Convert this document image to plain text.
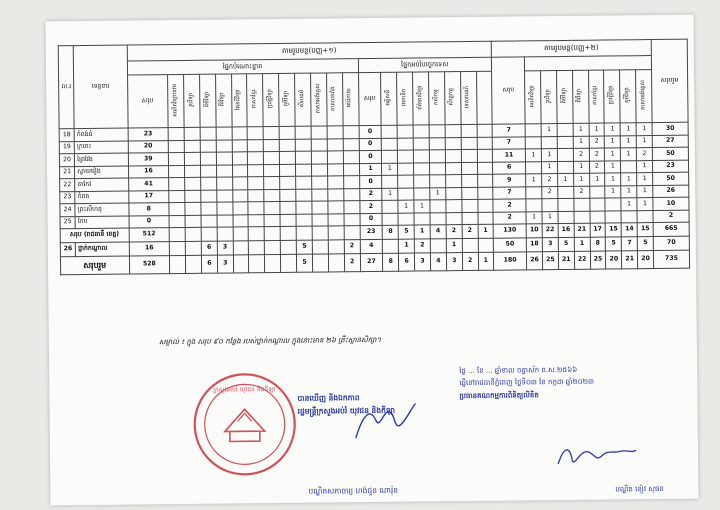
ល.រ	ទេត្តខារ	តាមរូបមន្ត(បញ្ញ+១)																					តាមរូបមន្ត(បញ្ញ+២)									សរុបរួម
		ផ្នែកបំណោះខ្នាត													ផ្នែកអប់រំបច្ចេកទេស								សរុប									
		សរុប	គណិតវិទ្យាបឋម	រូបវិទ្យា	គីមីវិទ្យា	ជីវវិទ្យា	ផែនដីវិទ្យា	ភាសាខ្មែរ	ប្រវត្តិវិទ្យា	ភូមិវិទ្យា	សីលធម៌	ភាសាអង់គ្លេស	ភាសាបារាំង	អប់រំកាយ	សរុប	អគ្គិសនី	មេកានិច	ព័ត៌មានវិទ្យា	កសិកម្ម	សិប្បកម្ម	ទេសចរណ៍			គណិតវិទ្យា	រូបវិទ្យា	គីមីវិទ្យា	ជីវវិទ្យា	ភាសាខ្មែរ	ប្រវត្តិវិទ្យា	ភូមិវិទ្យា	ភាសាអង់គ្លេស	

18	កំពង់ធំ	23													0								7		1		1	1	1	1	1	30
19	ក្រចេះ	20													0								7				1	2	1	1	1	27
20	ព្រៃវែង	39													0								11	1	1		2	2	1	1	2	50
21	ស្វាយរៀង	16													1	1							6		1		1	2	1		1	23
22	តាកែវ	41													0								9	1	2	1	1	1	1	1	1	50
23	កំពត	17													2	1			1				7		2		2		1	1	1	26
24	ព្រះសីហនុ	8													2		1	1					2							1	1	10
25	កែប	0													0								2	1	1							2
សរុប (រាជធានី ខេត្ត)		512													23	8	5	1	4	2	2	1	130	10	22	16	21	17	15	14	15	665
26	ថ្នាក់កណ្តាល	16			6	3					5			2	4		1	2		1			50	18	3	5	1	8	5	7	5	70
សរុបរួម		528			6	3					5			2	27	8	6	3	4	3	2	1	180	26	25	21	22	25	20	21	20	735
សម្គាល់ ៖ ក្នុង សរុប ៩០ កន្លែង របស់ថ្នាក់កណ្តាល ក្នុងនោះមាន ២៦ គ្រឹះស្ថានសិក្សា។
ថ្ងៃ ... ខែ ... ឆ្នាំខាល ចត្វាស័ក ព.ស.២៥៦៦
ធ្វើនៅរាជធានីភ្នំពេញ ថ្ងៃទី០៣ ខែ កក្កដា ឆ្នាំ២០២៣
ប្រធានគណកម្មការពិនិត្យលិខិត
បណ្ឌិត ខៀវ សុផន
ក្រសួងអប់រំ យុវជន និងកីឡា
បានឃើញ និងឯកភាព
រដ្ឋមន្ត្រីក្រសួងអប់រំ យុវជន និងកីឡា
បណ្ឌិតសភាចារ្យ ហង់ជួន ណារ៉ុន
